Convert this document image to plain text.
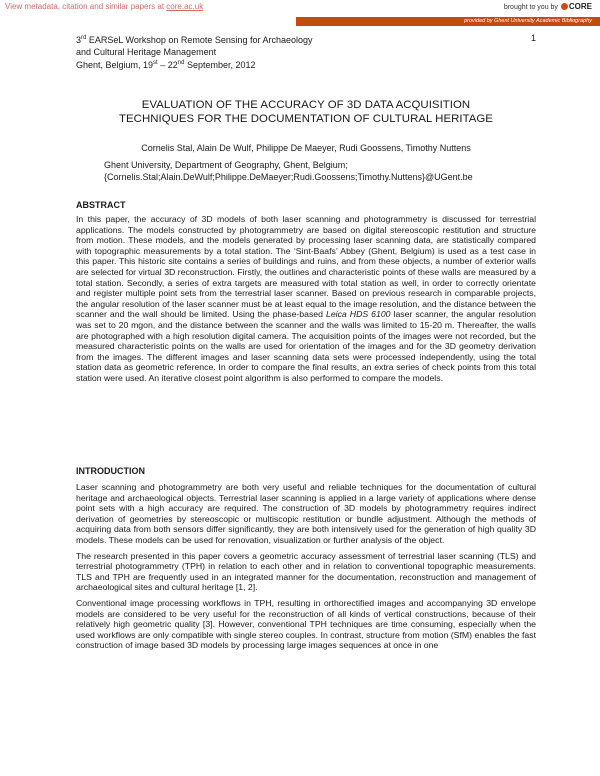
View metadata, citation and similar papers at core.ac.uk	brought to you by CORE
provided by Ghent University Academic Bibliography
3rd EARSeL Workshop on Remote Sensing for Archaeology
and Cultural Heritage Management
Ghent, Belgium, 19st – 22nd September, 2012
1
EVALUATION OF THE ACCURACY OF 3D DATA ACQUISITION
TECHNIQUES FOR THE DOCUMENTATION OF CULTURAL HERITAGE
Cornelis Stal, Alain De Wulf, Philippe De Maeyer, Rudi Goossens, Timothy Nuttens
Ghent University, Department of Geography, Ghent, Belgium;
{Cornelis.Stal;Alain.DeWulf;Philippe.DeMaeyer;Rudi.Goossens;Timothy.Nuttens}@UGent.be
ABSTRACT

In this paper, the accuracy of 3D models of both laser scanning and photogrammetry is discussed for terrestrial applications. The models constructed by photogrammetry are based on digital stereoscopic restitution and structure from motion. These models, and the models generated by processing laser scanning data, are statistically compared with topographic measurements by a total station. The ‘Sint-Baafs’ Abbey (Ghent, Belgium) is used as a test case in this paper. This historic site contains a series of buildings and ruins, and from these objects, a number of exterior walls are selected for virtual 3D reconstruction. Firstly, the outlines and characteristic points of these walls are measured by a total station. Secondly, a series of extra targets are measured with total station as well, in order to correctly orientate and register multiple point sets from the terrestrial laser scanner. Based on previous research in comparable projects, the angular resolution of the laser scanner must be at least equal to the image resolution, and the distance between the scanner and the wall should be limited. Using the phase-based Leica HDS 6100 laser scanner, the angular resolution was set to 20 mgon, and the distance between the scanner and the walls was limited to 15-20 m. Thereafter, the walls are photographed with a high resolution digital camera. The acquisition points of the images were not recorded, but the measured characteristic points on the walls are used for orientation of the images and for the 3D geometry derivation from the images. The different images and laser scanning data sets were processed independently, using the total station data as geometric reference. In order to compare the final results, an extra series of check points from this total station were used. An iterative closest point algorithm is also performed to compare the models.

INTRODUCTION

Laser scanning and photogrammetry are both very useful and reliable techniques for the documentation of cultural heritage and archaeological objects. Terrestrial laser scanning is applied in a large variety of applications where dense point sets with a high accuracy are required. The construction of 3D models by photogrammetry requires indirect derivation of geometries by stereoscopic or multiscopic restitution or bundle adjustment. Although the methods of acquiring data from both sensors differ significantly, they are both intensively used for the generation of high quality 3D models. These models can be used for renovation, visualization or further analysis of the object.

The research presented in this paper covers a geometric accuracy assessment of terrestrial laser scanning (TLS) and terrestrial photogrammetry (TPH) in relation to each other and in relation to conventional topographic measurements. TLS and TPH are frequently used in an integrated manner for the documentation, reconstruction and management of archaeological sites and cultural heritage [1, 2].

Conventional image processing workflows in TPH, resulting in orthorectified images and accompanying 3D envelope models are considered to be very useful for the reconstruction of all kinds of vertical constructions, because of their relatively high geometric quality [3]. However, conventional TPH techniques are time consuming, especially when the used workflows are only compatible with single stereo couples. In contrast, structure from motion (SfM) enables the fast construction of image based 3D models by processing large images sequences at once in one
